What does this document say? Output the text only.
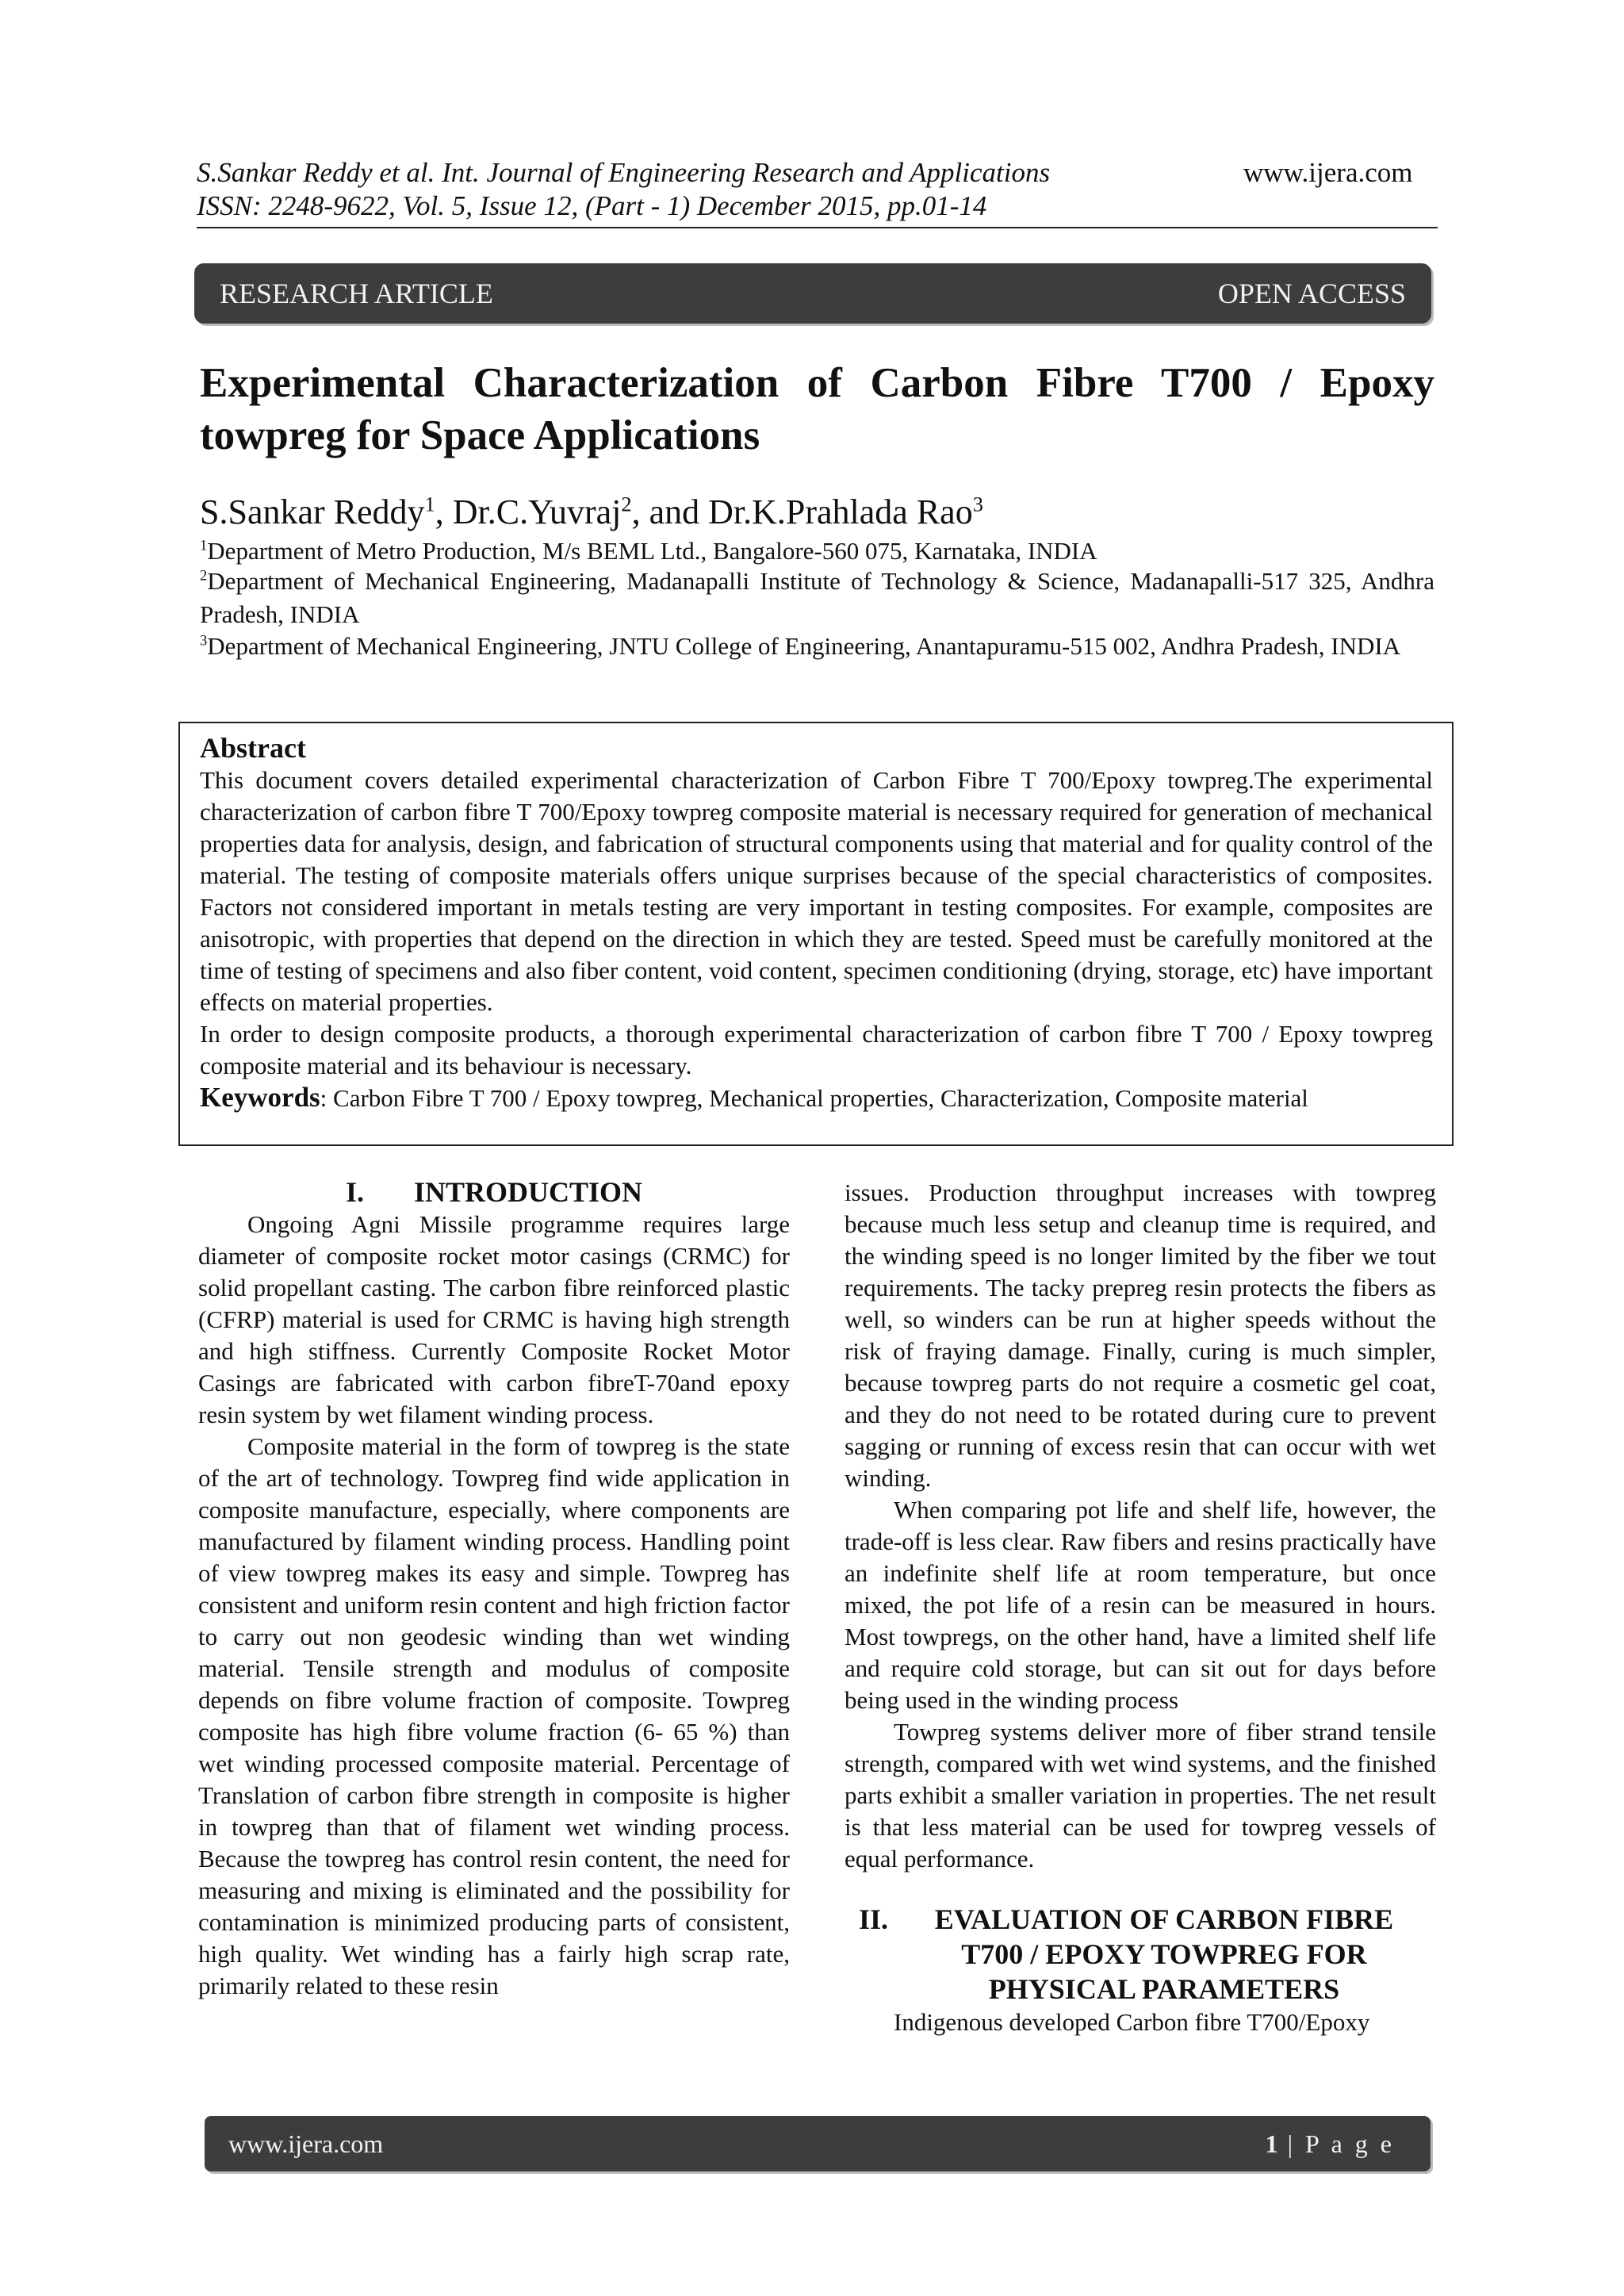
S.Sankar Reddy et al. Int. Journal of Engineering Research and Applications	www.ijera.com
ISSN: 2248-9622, Vol. 5, Issue 12, (Part - 1) December 2015, pp.01-14
RESEARCH ARTICLE	OPEN ACCESS
Experimental Characterization of Carbon Fibre T700 / Epoxy towpreg for Space Applications
S.Sankar Reddy$^1$, Dr.C.Yuvraj$^2$, and Dr.K.Prahlada Rao$^3$
$^1$Department of Metro Production, M/s BEML Ltd., Bangalore-560 075, Karnataka, INDIA
$^2$Department of Mechanical Engineering, Madanapalli Institute of Technology & Science, Madanapalli-517 325, Andhra Pradesh, INDIA
$^3$Department of Mechanical Engineering, JNTU College of Engineering, Anantapuramu-515 002, Andhra Pradesh, INDIA
Abstract

This document covers detailed experimental characterization of Carbon Fibre T 700/Epoxy towpreg.The experimental characterization of carbon fibre T 700/Epoxy towpreg composite material is necessary required for generation of mechanical properties data for analysis, design, and fabrication of structural components using that material and for quality control of the material. The testing of composite materials offers unique surprises because of the special characteristics of composites. Factors not considered important in metals testing are very important in testing composites. For example, composites are anisotropic, with properties that depend on the direction in which they are tested. Speed must be carefully monitored at the time of testing of specimens and also fiber content, void content, specimen conditioning (drying, storage, etc) have important effects on material properties.

In order to design composite products, a thorough experimental characterization of carbon fibre T 700 / Epoxy towpreg composite material and its behaviour is necessary.

Keywords: Carbon Fibre T 700 / Epoxy towpreg, Mechanical properties, Characterization, Composite material

I. INTRODUCTION

Ongoing Agni Missile programme requires large diameter of composite rocket motor casings (CRMC) for solid propellant casting. The carbon fibre reinforced plastic (CFRP) material is used for CRMC is having high strength and high stiffness. Currently Composite Rocket Motor Casings are fabricated with carbon fibreT-70and epoxy resin system by wet filament winding process.

Composite material in the form of towpreg is the state of the art of technology. Towpreg find wide application in composite manufacture, especially, where components are manufactured by filament winding process. Handling point of view towpreg makes its easy and simple. Towpreg has consistent and uniform resin content and high friction factor to carry out non geodesic winding than wet winding material. Tensile strength and modulus of composite depends on fibre volume fraction of composite. Towpreg composite has high fibre volume fraction (6- 65 %) than wet winding processed composite material. Percentage of Translation of carbon fibre strength in composite is higher in towpreg than that of filament wet winding process. Because the towpreg has control resin content, the need for measuring and mixing is eliminated and the possibility for contamination is minimized producing parts of consistent, high quality. Wet winding has a fairly high scrap rate, primarily related to these resin

issues. Production throughput increases with towpreg because much less setup and cleanup time is required, and the winding speed is no longer limited by the fiber we tout requirements. The tacky prepreg resin protects the fibers as well, so winders can be run at higher speeds without the risk of fraying damage. Finally, curing is much simpler, because towpreg parts do not require a cosmetic gel coat, and they do not need to be rotated during cure to prevent sagging or running of excess resin that can occur with wet winding.

When comparing pot life and shelf life, however, the trade-off is less clear. Raw fibers and resins practically have an indefinite shelf life at room temperature, but once mixed, the pot life of a resin can be measured in hours. Most towpregs, on the other hand, have a limited shelf life and require cold storage, but can sit out for days before being used in the winding process

Towpreg systems deliver more of fiber strand tensile strength, compared with wet wind systems, and the finished parts exhibit a smaller variation in properties. The net result is that less material can be used for towpreg vessels of equal performance.

II.	EVALUATION OF CARBON FIBRE
T700 / EPOXY TOWPREG FOR
PHYSICAL PARAMETERS

Indigenous developed Carbon fibre T700/Epoxy

www.ijera.com	1 | P a g e
